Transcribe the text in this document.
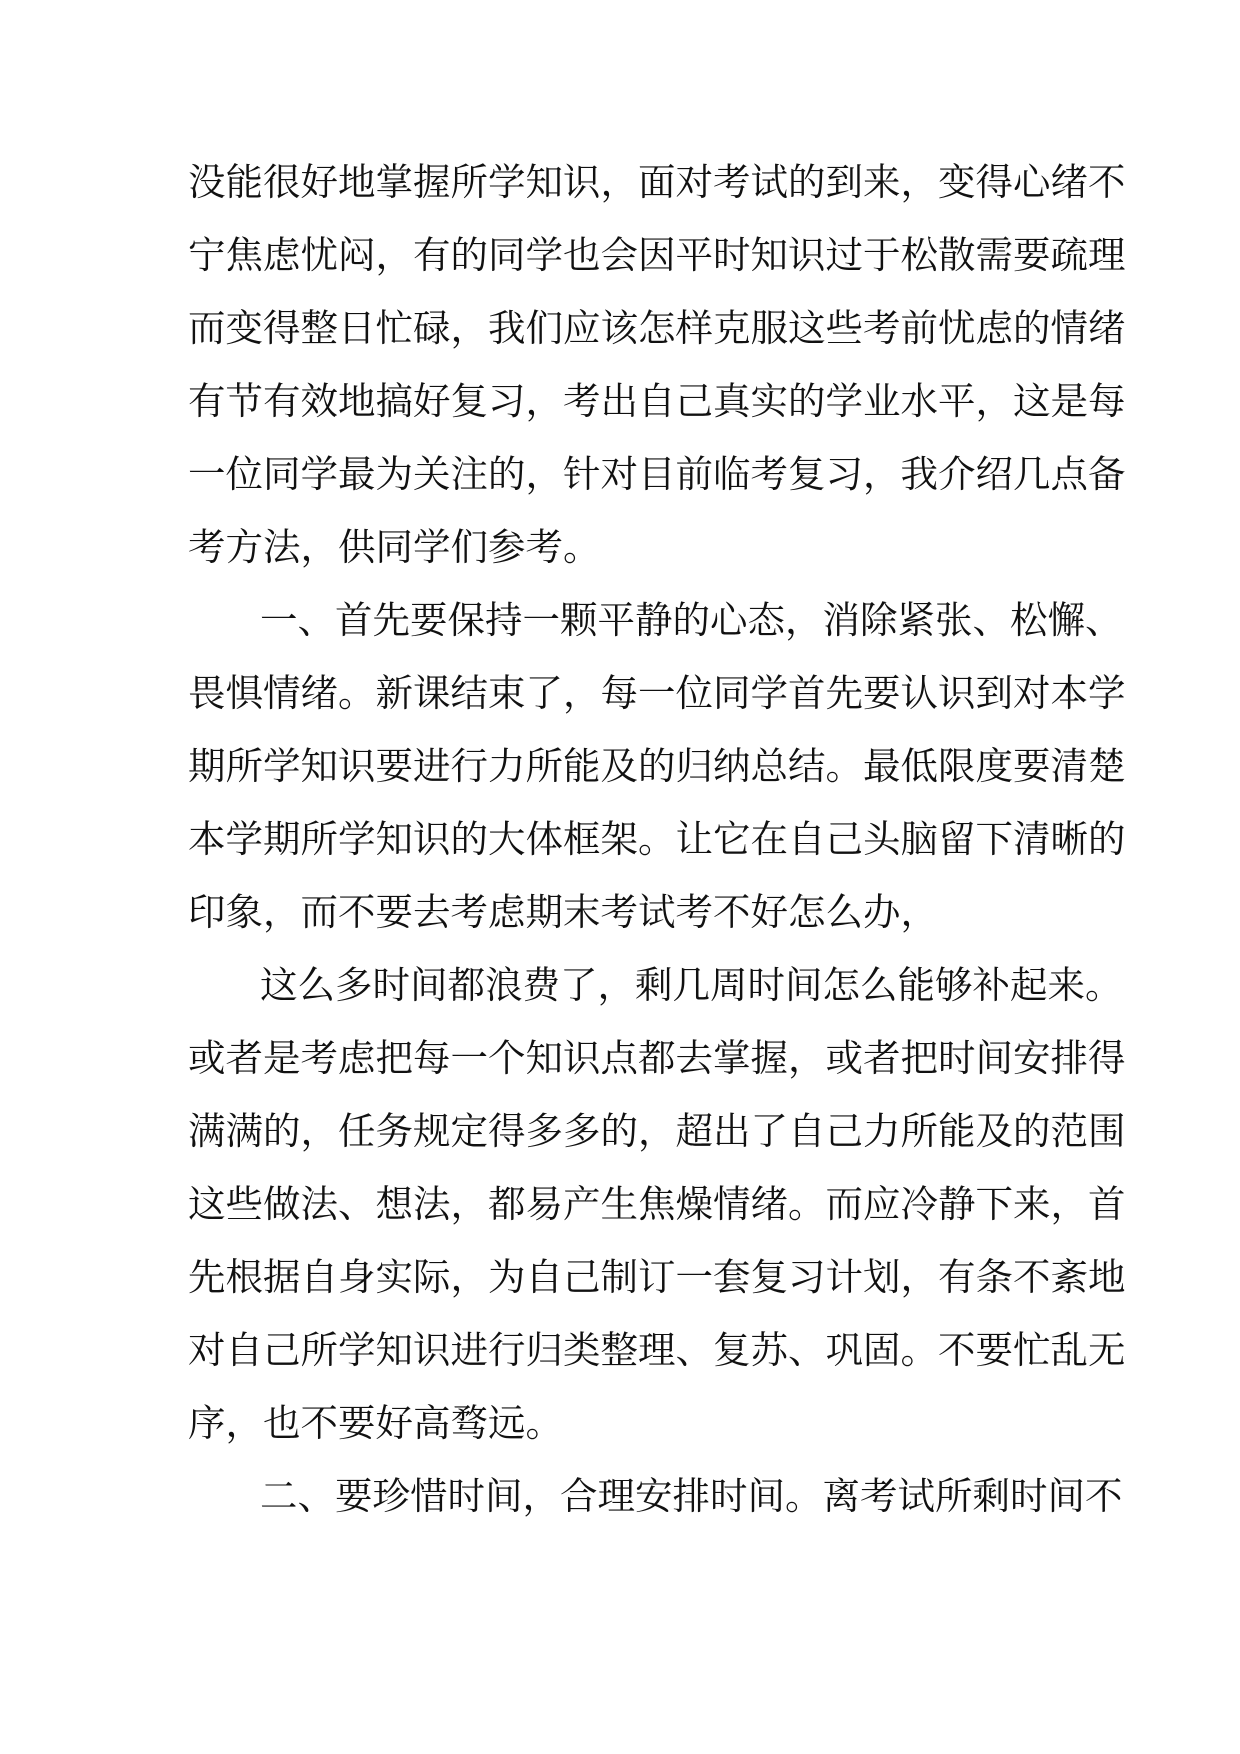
没能很好地掌握所学知识，面对考试的到来，变得心绪不
宁焦虑忧闷，有的同学也会因平时知识过于松散需要疏理
而变得整日忙碌，我们应该怎样克服这些考前忧虑的情绪
有节有效地搞好复习，考出自己真实的学业水平，这是每
一位同学最为关注的，针对目前临考复习，我介绍几点备
考方法，供同学们参考。
一、首先要保持一颗平静的心态，消除紧张、松懈、
畏惧情绪。新课结束了，每一位同学首先要认识到对本学
期所学知识要进行力所能及的归纳总结。最低限度要清楚
本学期所学知识的大体框架。让它在自己头脑留下清晰的
印象，而不要去考虑期末考试考不好怎么办，
这么多时间都浪费了，剩几周时间怎么能够补起来。
或者是考虑把每一个知识点都去掌握，或者把时间安排得
满满的，任务规定得多多的，超出了自己力所能及的范围
这些做法、想法，都易产生焦燥情绪。而应冷静下来，首
先根据自身实际，为自己制订一套复习计划，有条不紊地
对自己所学知识进行归类整理、复苏、巩固。不要忙乱无
序，也不要好高骛远。
二、要珍惜时间，合理安排时间。离考试所剩时间不
